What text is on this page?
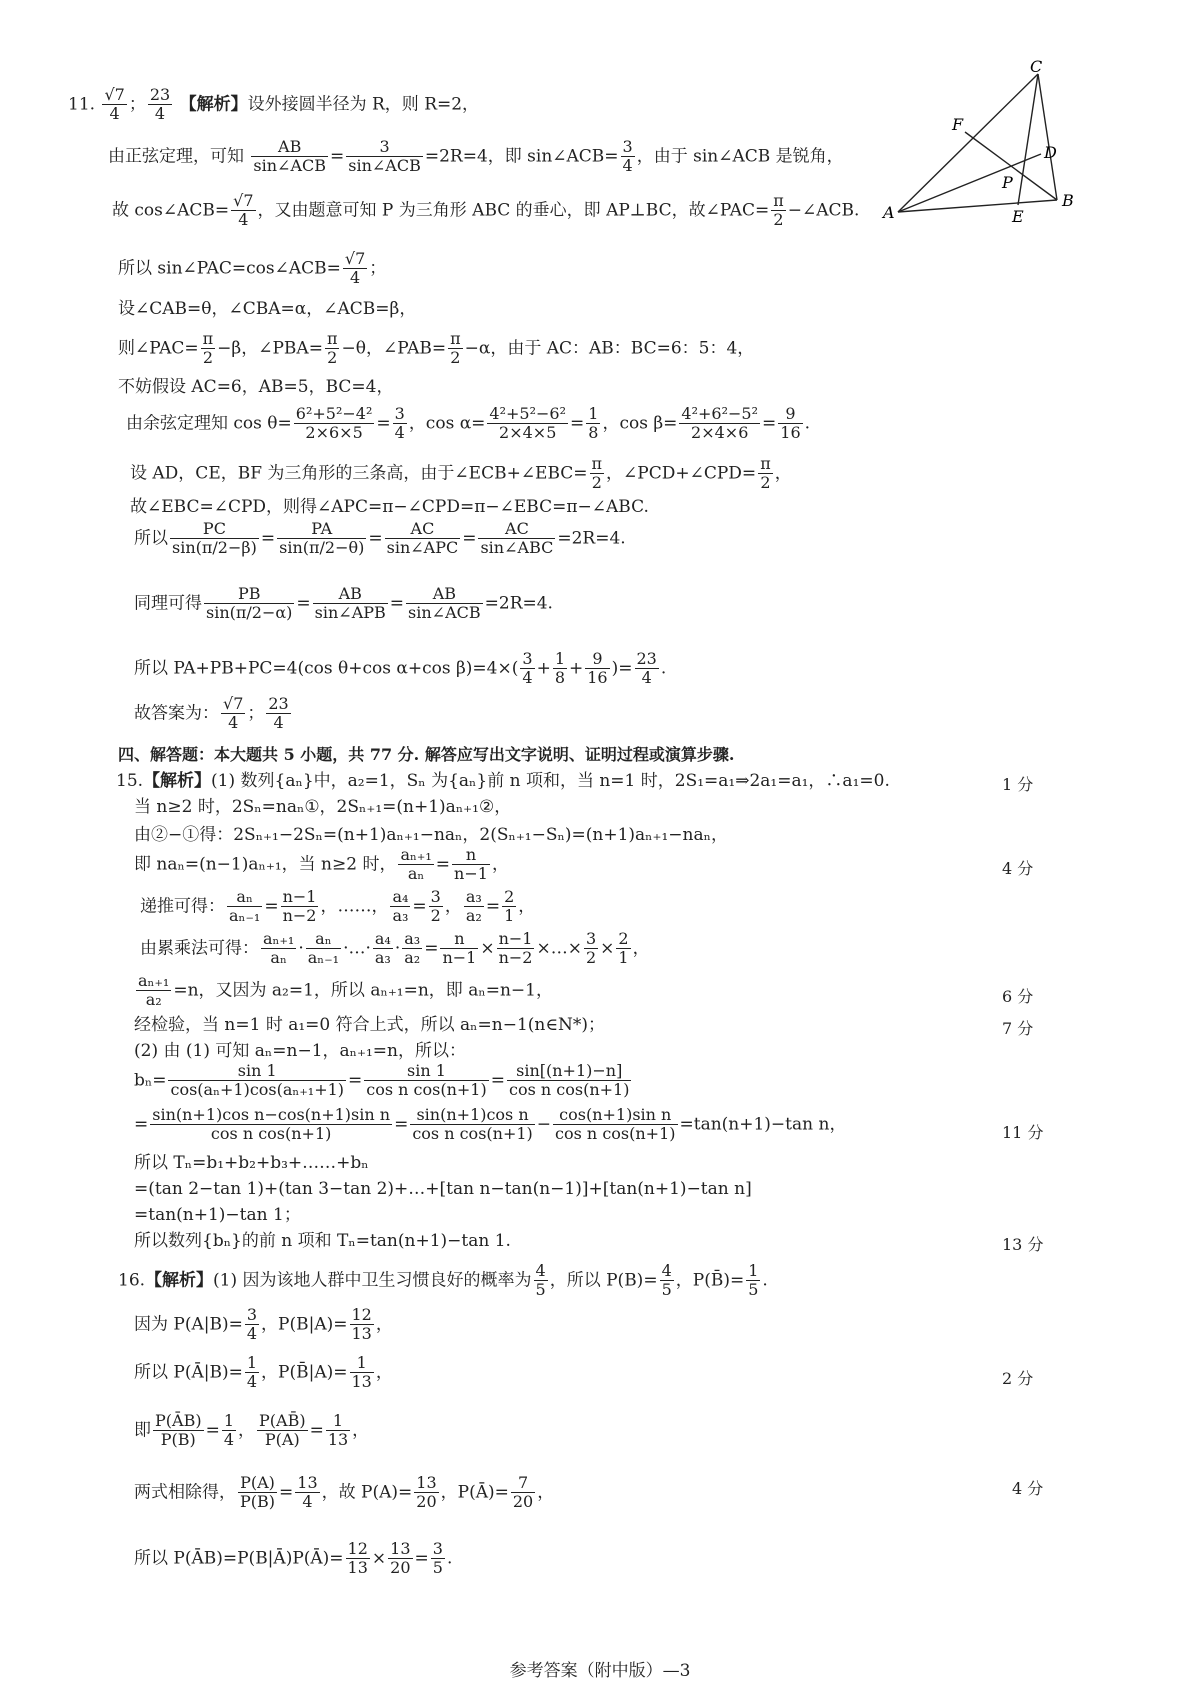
A
B
C
D
E
F
P
11. $\frac{√7}{4}$ ； $\frac{23}{4}$ 【解析】设外接圆半径为 R，则 R=2，
由正弦定理，可知 $\frac{AB}{\text{sin∠ACB}} = \frac{3}{\text{sin∠ACB}} =2R=4$，即 sin∠ACB= $\frac{3}{4}$ ，由于 sin∠ACB 是锐角，
故 cos∠ACB= $\frac{√7}{4}$ ，又由题意可知 P 为三角形 ABC 的垂心，即 AP⊥BC，故∠PAC= $\frac{\pi}{2}$ −∠ACB.
所以 sin∠PAC=cos∠ACB= $\frac{√7}{4}$ ；
设∠CAB=θ，∠CBA=α，∠ACB=β，
则∠PAC= $\frac{\pi}{2} -\beta$，∠PBA= $\frac{\pi}{2} -\theta$，∠PAB= $\frac{\pi}{2} -\alpha$，由于 AC：AB：BC=6：5：4，
不妨假设 AC=6，AB=5，BC=4，
由余弦定理知 $\cos \theta= \frac{\text{6²+5²−4²}}{2\times 6\times 5} = \frac{3}{4}$ ，$\cos \alpha= \frac{\text{4²+5²−6²}}{2\times 4\times 5} = \frac{1}{8}$ ，$\cos \beta= \frac{\text{4²+6²−5²}}{2\times 4\times 6} = \frac{9}{16}$ .
设 AD，CE，BF 为三角形的三条高，由于∠ECB+∠EBC= $\frac{\pi}{2}$ ，∠PCD+∠CPD= $\frac{\pi}{2}$ ，
故∠EBC=∠CPD，则得∠APC=π−∠CPD=π−∠EBC=π−∠ABC.
所以 $\frac{PC}{\sin(\pi/2-\beta)} = \frac{PA}{\sin(\pi/2-\theta)} = \frac{AC}{\text{sin∠APC}} = \frac{AC}{\text{sin∠ABC}} =2R=4$.
同理可得 $\frac{PB}{\sin(\pi/2-\alpha)} = \frac{AB}{\text{sin∠APB}} = \frac{AB}{\text{sin∠ACB}} =2R=4$.
所以 PA+PB+PC=4(cos θ+cos α+cos $\beta)=4\times( \frac{3}{4} + \frac{1}{8} + \frac{9}{16}$ )= $\frac{23}{4}$ .
故答案为： $\frac{√7}{4}$ ； $\frac{23}{4}$
四、解答题：本大题共 5 小题，共 77 分. 解答应写出文字说明、证明过程或演算步骤.
15.【解析】(1) 数列{aₙ}中，a₂=1，Sₙ 为{aₙ}前 n 项和，当 n=1 时，2S₁=a₁⇒2a₁=a₁，∴a₁=0.	1 分
当 n≥2 时，2Sₙ=naₙ①，2Sₙ₊₁=(n+1)aₙ₊₁②，
由②−①得：2Sₙ₊₁−2Sₙ=(n+1)aₙ₊₁−naₙ，2(Sₙ₊₁−Sₙ)=(n+1)aₙ₊₁−naₙ，
即 naₙ=(n−1)aₙ₊₁，当 n≥2 时， $\frac{\text{aₙ₊₁}}{\text{aₙ}} = \frac{n}{n-1}$ ，	4 分
递推可得： $\frac{\text{aₙ}}{\text{aₙ₋₁}} = \frac{n-1}{n-2}$ ，……， $\frac{\text{a₄}}{\text{a₃}} = \frac{3}{2}$ ， $\frac{\text{a₃}}{\text{a₂}} = \frac{2}{1}$ ，
由累乘法可得： $\frac{\text{aₙ₊₁}}{\text{aₙ}} \cdot \frac{\text{aₙ}}{\text{aₙ₋₁}}$ ·…· $\frac{\text{a₄}}{\text{a₃}} \cdot \frac{\text{a₃}}{\text{a₂}} = \frac{n}{n-1} \times \frac{n-1}{n-2}$ ×…× $\frac{3}{2} \times \frac{2}{1}$ ，
$\frac{\text{aₙ₊₁}}{\text{a₂}} =n$，又因为 a₂=1，所以 aₙ₊₁=n，即 aₙ=n−1，	6 分
经检验，当 n=1 时 a₁=0 符合上式，所以 aₙ=n−1(n∈N*)；	7 分
(2) 由 (1) 可知 aₙ=n−1，aₙ₊₁=n，所以：
$b_n= \frac{\sin 1}{\text{cos(aₙ+1)cos(aₙ₊₁+1)}} = \frac{\sin 1}{\text{cos n cos(n+1)}} = \frac{\sin[(n+1)-n]}{\text{cos n cos(n+1)}}$
= $\frac{\text{sin(n+1)cos n−cos(n+1)sin n}}{\text{cos n cos(n+1)}} = \frac{\text{sin(n+1)cos n}}{\text{cos n cos(n+1)}} - \frac{\text{cos(n+1)sin n}}{\text{cos n cos(n+1)}} =\tan(n+1)-\tan$ n，	11 分
所以 Tₙ=b₁+b₂+b₃+……+bₙ
=(tan 2−tan 1)+(tan 3−tan 2)+…+[tan n−tan(n−1)]+[tan(n+1)−tan n]
=tan(n+1)−tan 1；
所以数列{bₙ}的前 n 项和 Tₙ=tan(n+1)−tan 1.	13 分
16.【解析】(1) 因为该地人群中卫生习惯良好的概率为 $\frac{4}{5}$ ，所以 $P(B)= \frac{4}{5}$ ，P(B̄)= $\frac{1}{5}$ .
因为 $P(A|B)= \frac{3}{4}$ ，$P(B|A)= \frac{12}{13}$ ，
所以 P(Ā|B)= $\frac{1}{4}$ ，P(B̄|A)= $\frac{1}{13}$ ，	2 分
即 $\frac{P(ĀB)}{P(B)} = \frac{1}{4}$ ， $\frac{P(AB̄)}{P(A)} = \frac{1}{13}$ ，
两式相除得， $\frac{P(A)}{P(B)} = \frac{13}{4}$ ，故 $P(A)= \frac{13}{20}$ ，P(Ā)= $\frac{7}{20}$ ，	4 分
所以 P(ĀB)=P(B|Ā)P(Ā)= $\frac{12}{13} \times \frac{13}{20} = \frac{3}{5}$ .
参考答案（附中版）—3
